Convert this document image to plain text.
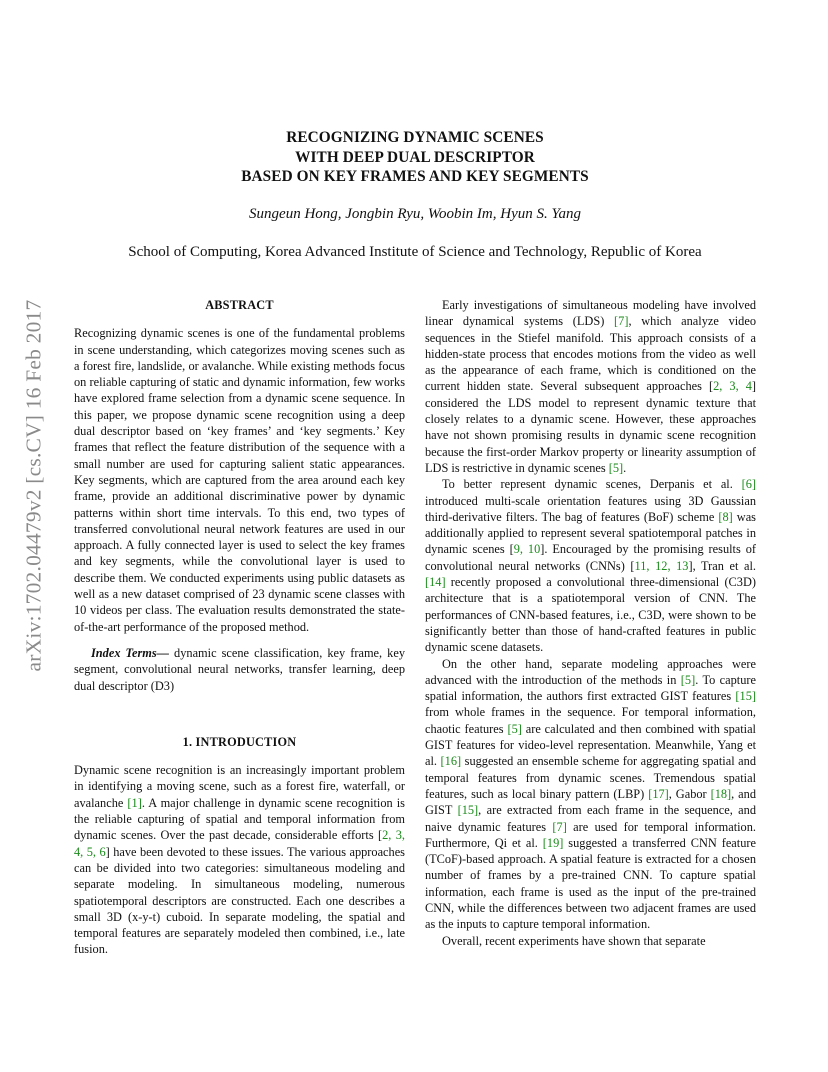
arXiv:1702.04479v2 [cs.CV] 16 Feb 2017
RECOGNIZING DYNAMIC SCENES
WITH DEEP DUAL DESCRIPTOR
BASED ON KEY FRAMES AND KEY SEGMENTS
Sungeun Hong, Jongbin Ryu, Woobin Im, Hyun S. Yang
School of Computing, Korea Advanced Institute of Science and Technology, Republic of Korea
ABSTRACT

Recognizing dynamic scenes is one of the fundamental problems in scene understanding, which categorizes moving scenes such as a forest fire, landslide, or avalanche. While existing methods focus on reliable capturing of static and dynamic information, few works have explored frame selection from a dynamic scene sequence. In this paper, we propose dynamic scene recognition using a deep dual descriptor based on ‘key frames’ and ‘key segments.’ Key frames that reflect the feature distribution of the sequence with a small number are used for capturing salient static appearances. Key segments, which are captured from the area around each key frame, provide an additional discriminative power by dynamic patterns within short time intervals. To this end, two types of transferred convolutional neural network features are used in our approach. A fully connected layer is used to select the key frames and key segments, while the convolutional layer is used to describe them. We conducted experiments using public datasets as well as a new dataset comprised of 23 dynamic scene classes with 10 videos per class. The evaluation results demonstrated the state-of-the-art performance of the proposed method.

Index Terms— dynamic scene classification, key frame, key segment, convolutional neural networks, transfer learning, deep dual descriptor (D3)

1. INTRODUCTION

Dynamic scene recognition is an increasingly important problem in identifying a moving scene, such as a forest fire, waterfall, or avalanche [1]. A major challenge in dynamic scene recognition is the reliable capturing of spatial and temporal information from dynamic scenes. Over the past decade, considerable efforts [2, 3, 4, 5, 6] have been devoted to these issues. The various approaches can be divided into two categories: simultaneous modeling and separate modeling. In simultaneous modeling, numerous spatiotemporal descriptors are constructed. Each one describes a small 3D (x-y-t) cuboid. In separate modeling, the spatial and temporal features are separately modeled then combined, i.e., late fusion.

Early investigations of simultaneous modeling have involved linear dynamical systems (LDS) [7], which analyze video sequences in the Stiefel manifold. This approach consists of a hidden-state process that encodes motions from the video as well as the appearance of each frame, which is conditioned on the current hidden state. Several subsequent approaches [2, 3, 4] considered the LDS model to represent dynamic texture that closely relates to a dynamic scene. However, these approaches have not shown promising results in dynamic scene recognition because the first-order Markov property or linearity assumption of LDS is restrictive in dynamic scenes [5].

To better represent dynamic scenes, Derpanis et al. [6] introduced multi-scale orientation features using 3D Gaussian third-derivative filters. The bag of features (BoF) scheme [8] was additionally applied to represent several spatiotemporal patches in dynamic scenes [9, 10]. Encouraged by the promising results of convolutional neural networks (CNNs) [11, 12, 13], Tran et al. [14] recently proposed a convolutional three-dimensional (C3D) architecture that is a spatiotemporal version of CNN. The performances of CNN-based features, i.e., C3D, were shown to be significantly better than those of hand-crafted features in public dynamic scene datasets.

On the other hand, separate modeling approaches were advanced with the introduction of the methods in [5]. To capture spatial information, the authors first extracted GIST features [15] from whole frames in the sequence. For temporal information, chaotic features [5] are calculated and then combined with spatial GIST features for video-level representation. Meanwhile, Yang et al. [16] suggested an ensemble scheme for aggregating spatial and temporal features from dynamic scenes. Tremendous spatial features, such as local binary pattern (LBP) [17], Gabor [18], and GIST [15], are extracted from each frame in the sequence, and naive dynamic features [7] are used for temporal information. Furthermore, Qi et al. [19] suggested a transferred CNN feature (TCoF)-based approach. A spatial feature is extracted for a chosen number of frames by a pre-trained CNN. To capture spatial information, each frame is used as the input of the pre-trained CNN, while the differences between two adjacent frames are used as the inputs to capture temporal information.

Overall, recent experiments have shown that separate
